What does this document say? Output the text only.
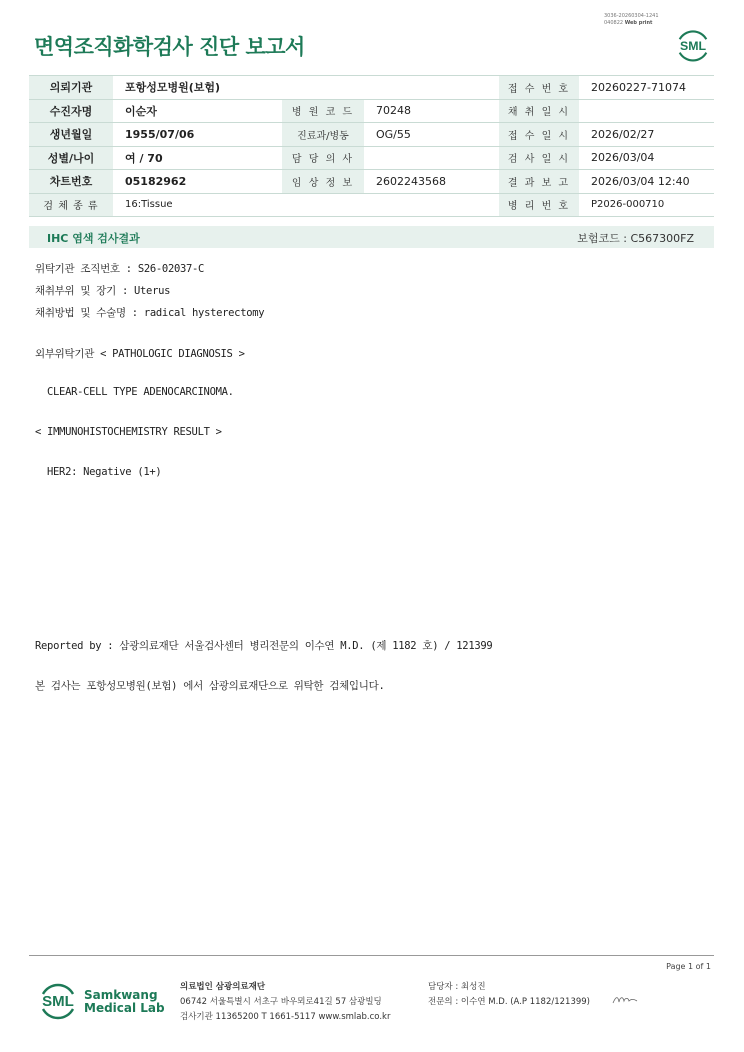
3036-20260304-1241
040822 Web print
면역조직화학검사 진단 보고서	SML
의뢰기관	포항성모병원(보험)			접 수 번 호	20260227-71074
수진자명	이순자	병 원 코 드	70248	채 취 일 시	
생년월일	1955/07/06	진료과/병동	OG/55	접 수 일 시	2026/02/27
성별/나이	여 / 70	담 당 의 사		검 사 일 시	2026/03/04
차트번호	05182962	임 상 정 보	2602243568	결 과 보 고	2026/03/04 12:40
검 체 종 류	16:Tissue			병 리 번 호	P2026-000710
IHC 염색 검사결과	보험코드 : C567300FZ

위탁기관 조직번호 : S26-02037-C

채취부위 및 장기 : Uterus

채취방법 및 수술명 : radical hysterectomy

외부위탁기관 < PATHOLOGIC DIAGNOSIS >

CLEAR-CELL TYPE ADENOCARCINOMA.

< IMMUNOHISTOCHEMISTRY RESULT >

HER2: Negative (1+)

Reported by : 삼광의료재단 서울검사센터 병리전문의 이수연 M.D. (제 1182 호) / 121399

본 검사는 포항성모병원(보험) 에서 삼광의료재단으로 위탁한 검체입니다.

Page 1 of 1
SML Samkwang
Medical Lab
의료법인 삼광의료재단
06742 서울특별시 서초구 바우뫼로41길 57 삼광빌딩
검사기관 11365200 T 1661-5117 www.smlab.co.kr
담당자 : 최성진
전문의 : 이수연 M.D. (A.P 1182/121399)
